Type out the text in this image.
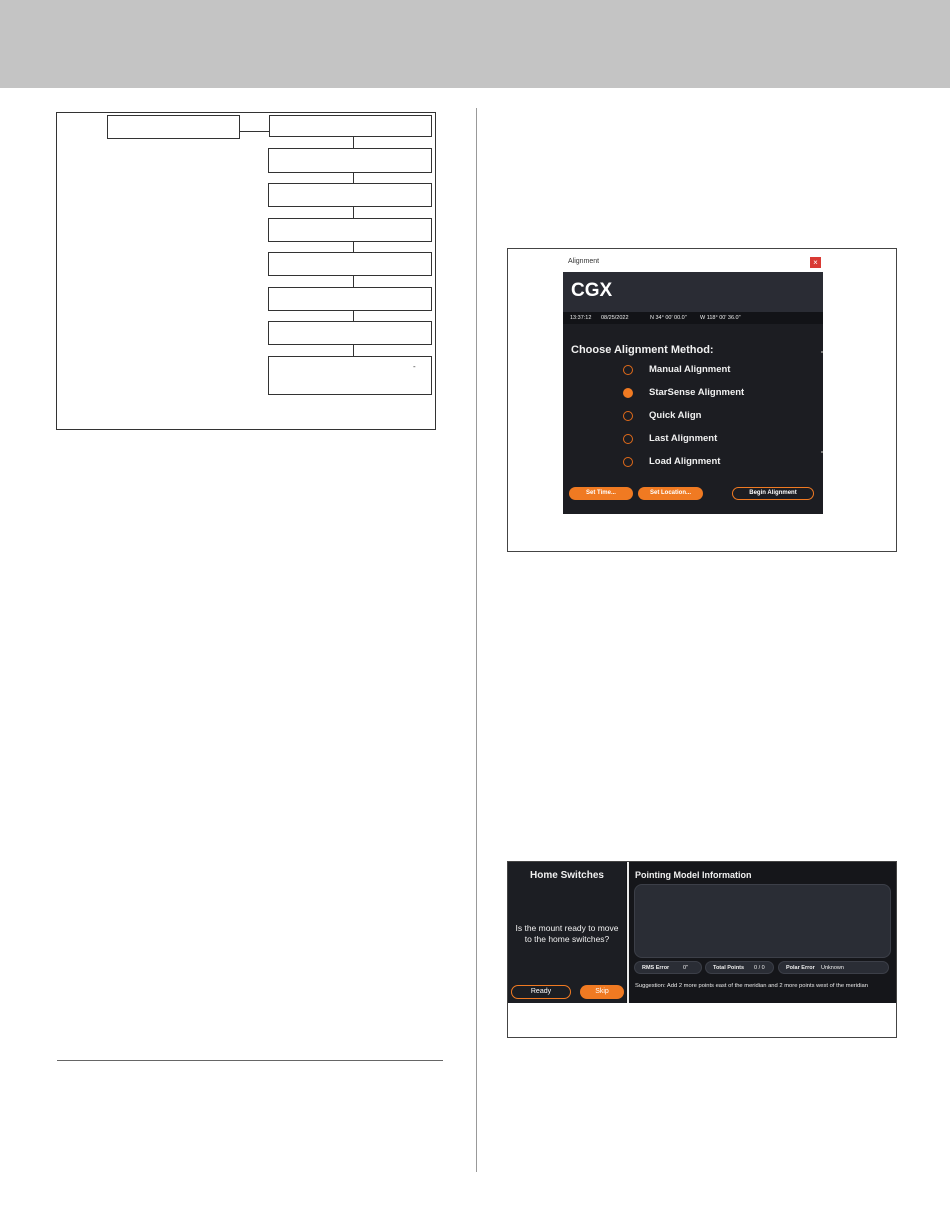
-
Alignment	×
CGX
13:37:12 08/25/2022	N 34° 00' 00.0" W 118° 00' 36.0"
Choose Alignment Method:
Manual Alignment
StarSense Alignment
Quick Align
Last Alignment
Load Alignment
Set Time...	Set Location...	Begin Alignment
Home Switches
Is the mount ready to move to the home switches?
Ready	Skip
Pointing Model Information
RMS Error	0"	Total Points 0 / 0	Polar Error Unknown
Suggestion: Add 2 more points east of the meridian and 2 more points west of the meridian
